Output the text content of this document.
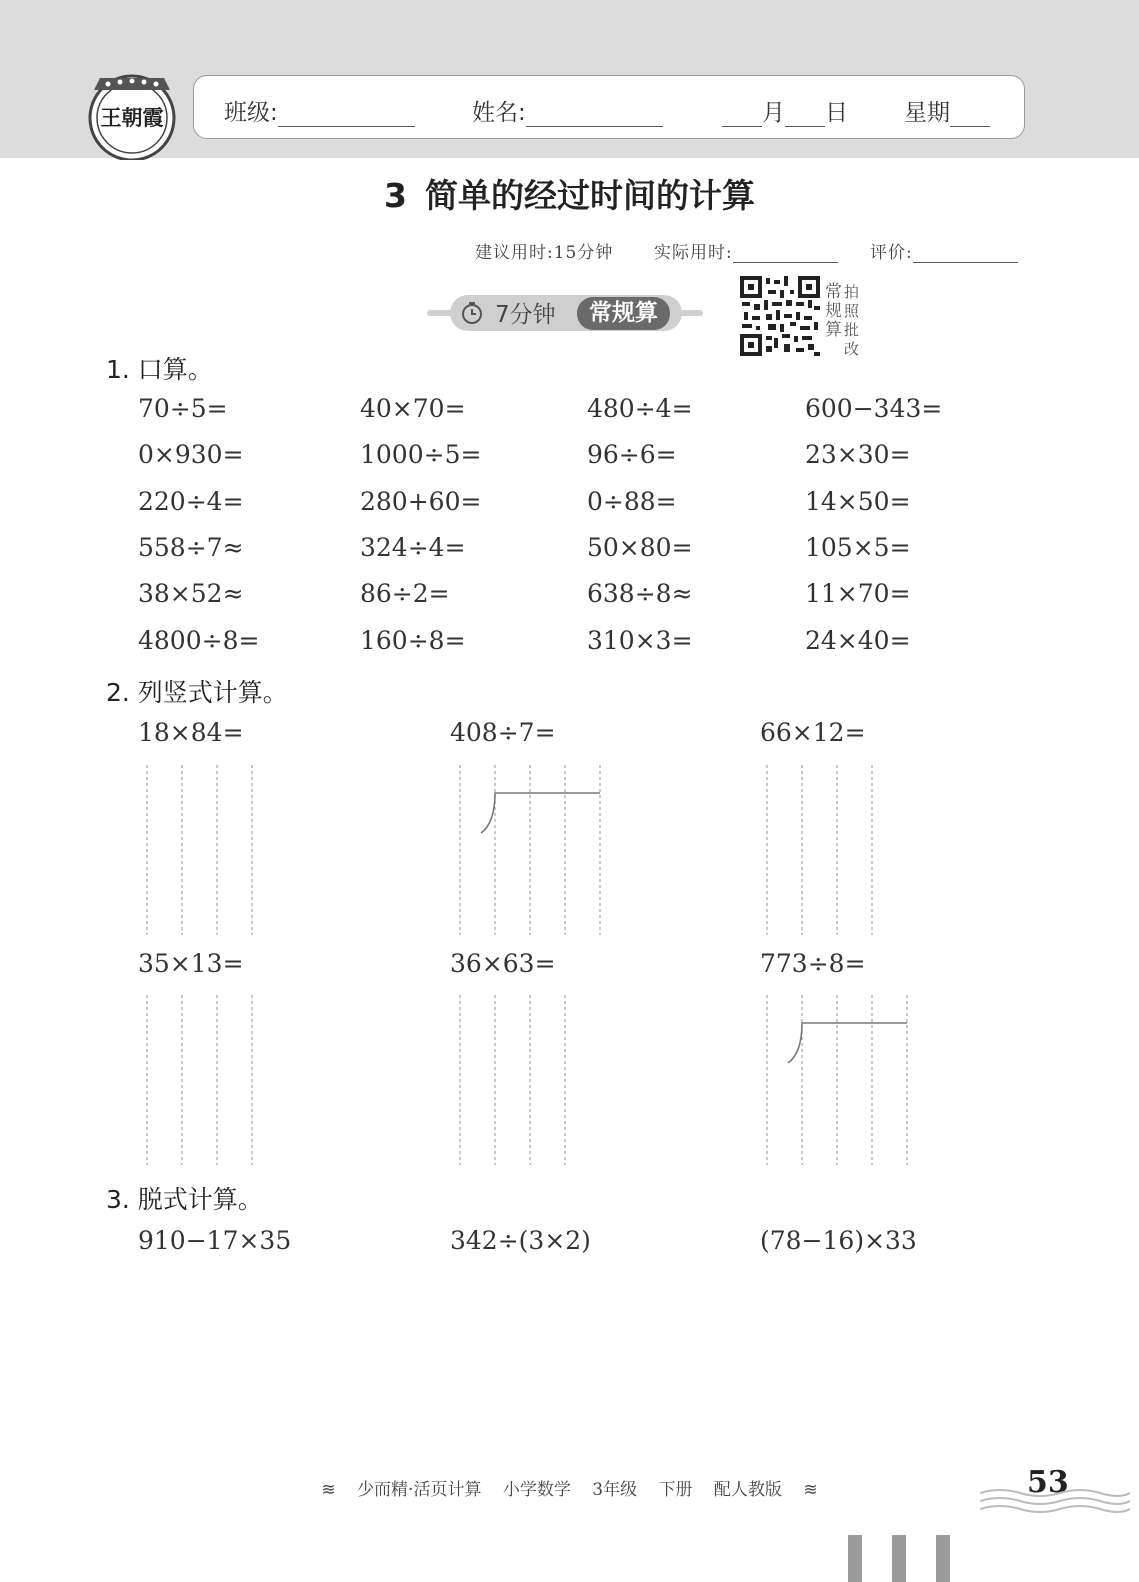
王朝霞	班级:	姓名:	月 日 星期
3 简单的经过时间的计算
建议用时:15分钟 实际用时:	评价:
7分钟	常规算
常规算
拍照批改
1. 口算。
70÷5=	40×70=	480÷4=	600−343=
0×930=	1000÷5=	96÷6=	23×30=
220÷4=	280+60=	0÷88=	14×50=
558÷7≈	324÷4=	50×80=	105×5=
38×52≈	86÷2=	638÷8≈	11×70=
4800÷8=	160÷8=	310×3=	24×40=
2. 列竖式计算。
18×84=	408÷7=	66×12=
35×13=	36×63=	773÷8=
3. 脱式计算。
910−17×35	342÷(3×2)	(78−16)×33
≋ 少而精·活页计算 小学数学 3年级 下册 配人教版 ≋	53
